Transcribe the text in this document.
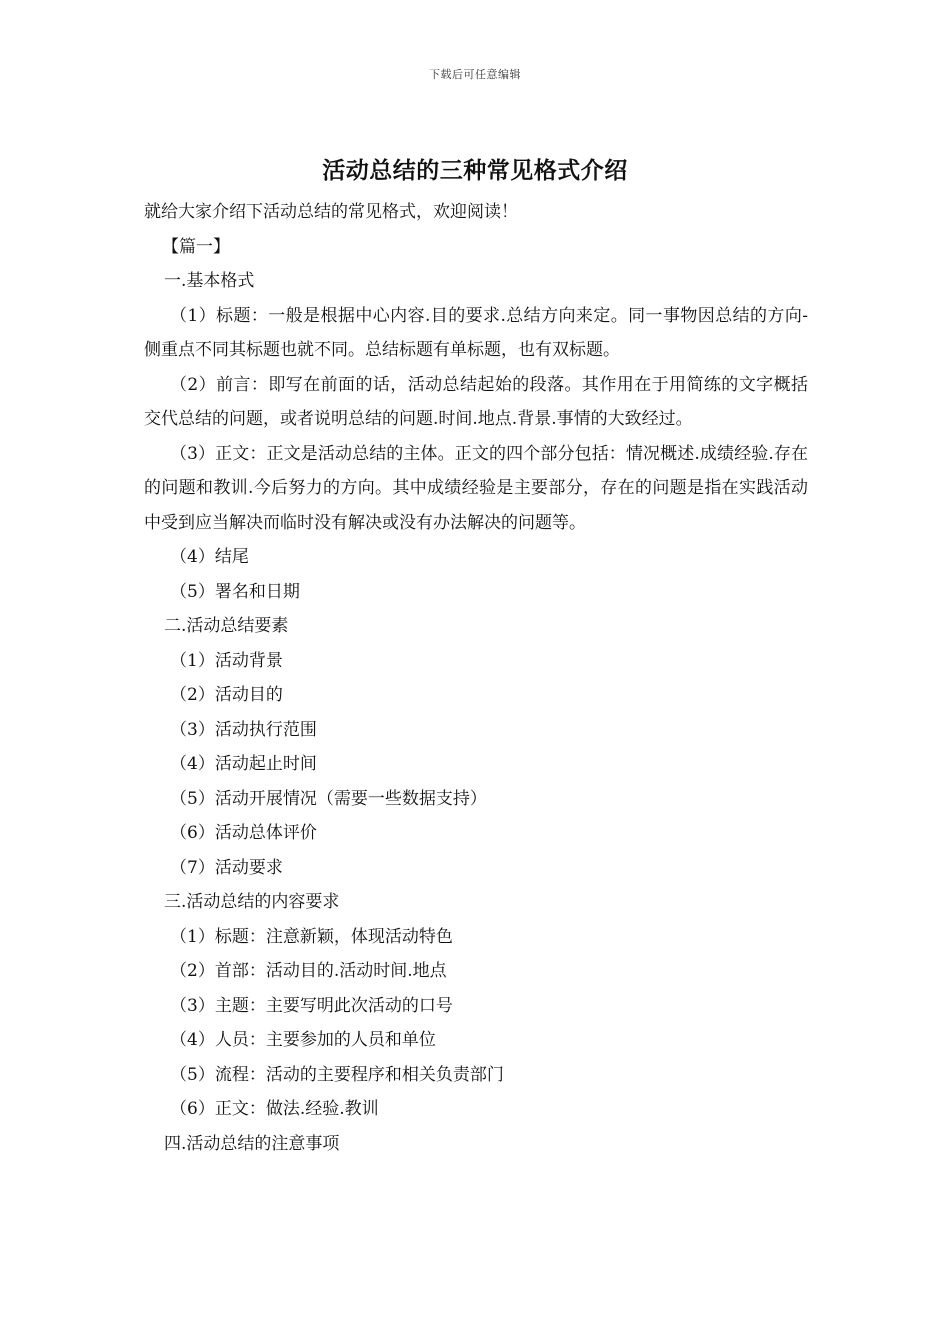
下载后可任意编辑
活动总结的三种常见格式介绍

就给大家介绍下活动总结的常见格式，欢迎阅读！

【篇一】

一.基本格式

（1）标题：一般是根据中心内容.目的要求.总结方向来定。同一事物因总结的方向-侧重点不同其标题也就不同。总结标题有单标题，也有双标题。

（2）前言：即写在前面的话，活动总结起始的段落。其作用在于用简练的文字概括交代总结的问题，或者说明总结的问题.时间.地点.背景.事情的大致经过。

（3）正文：正文是活动总结的主体。正文的四个部分包括：情况概述.成绩经验.存在的问题和教训.今后努力的方向。其中成绩经验是主要部分，存在的问题是指在实践活动中受到应当解决而临时没有解决或没有办法解决的问题等。

（4）结尾

（5）署名和日期

二.活动总结要素

（1）活动背景

（2）活动目的

（3）活动执行范围

（4）活动起止时间

（5）活动开展情况（需要一些数据支持）

（6）活动总体评价

（7）活动要求

三.活动总结的内容要求

（1）标题：注意新颖，体现活动特色

（2）首部：活动目的.活动时间.地点

（3）主题：主要写明此次活动的口号

（4）人员：主要参加的人员和单位

（5）流程：活动的主要程序和相关负责部门

（6）正文：做法.经验.教训

四.活动总结的注意事项
